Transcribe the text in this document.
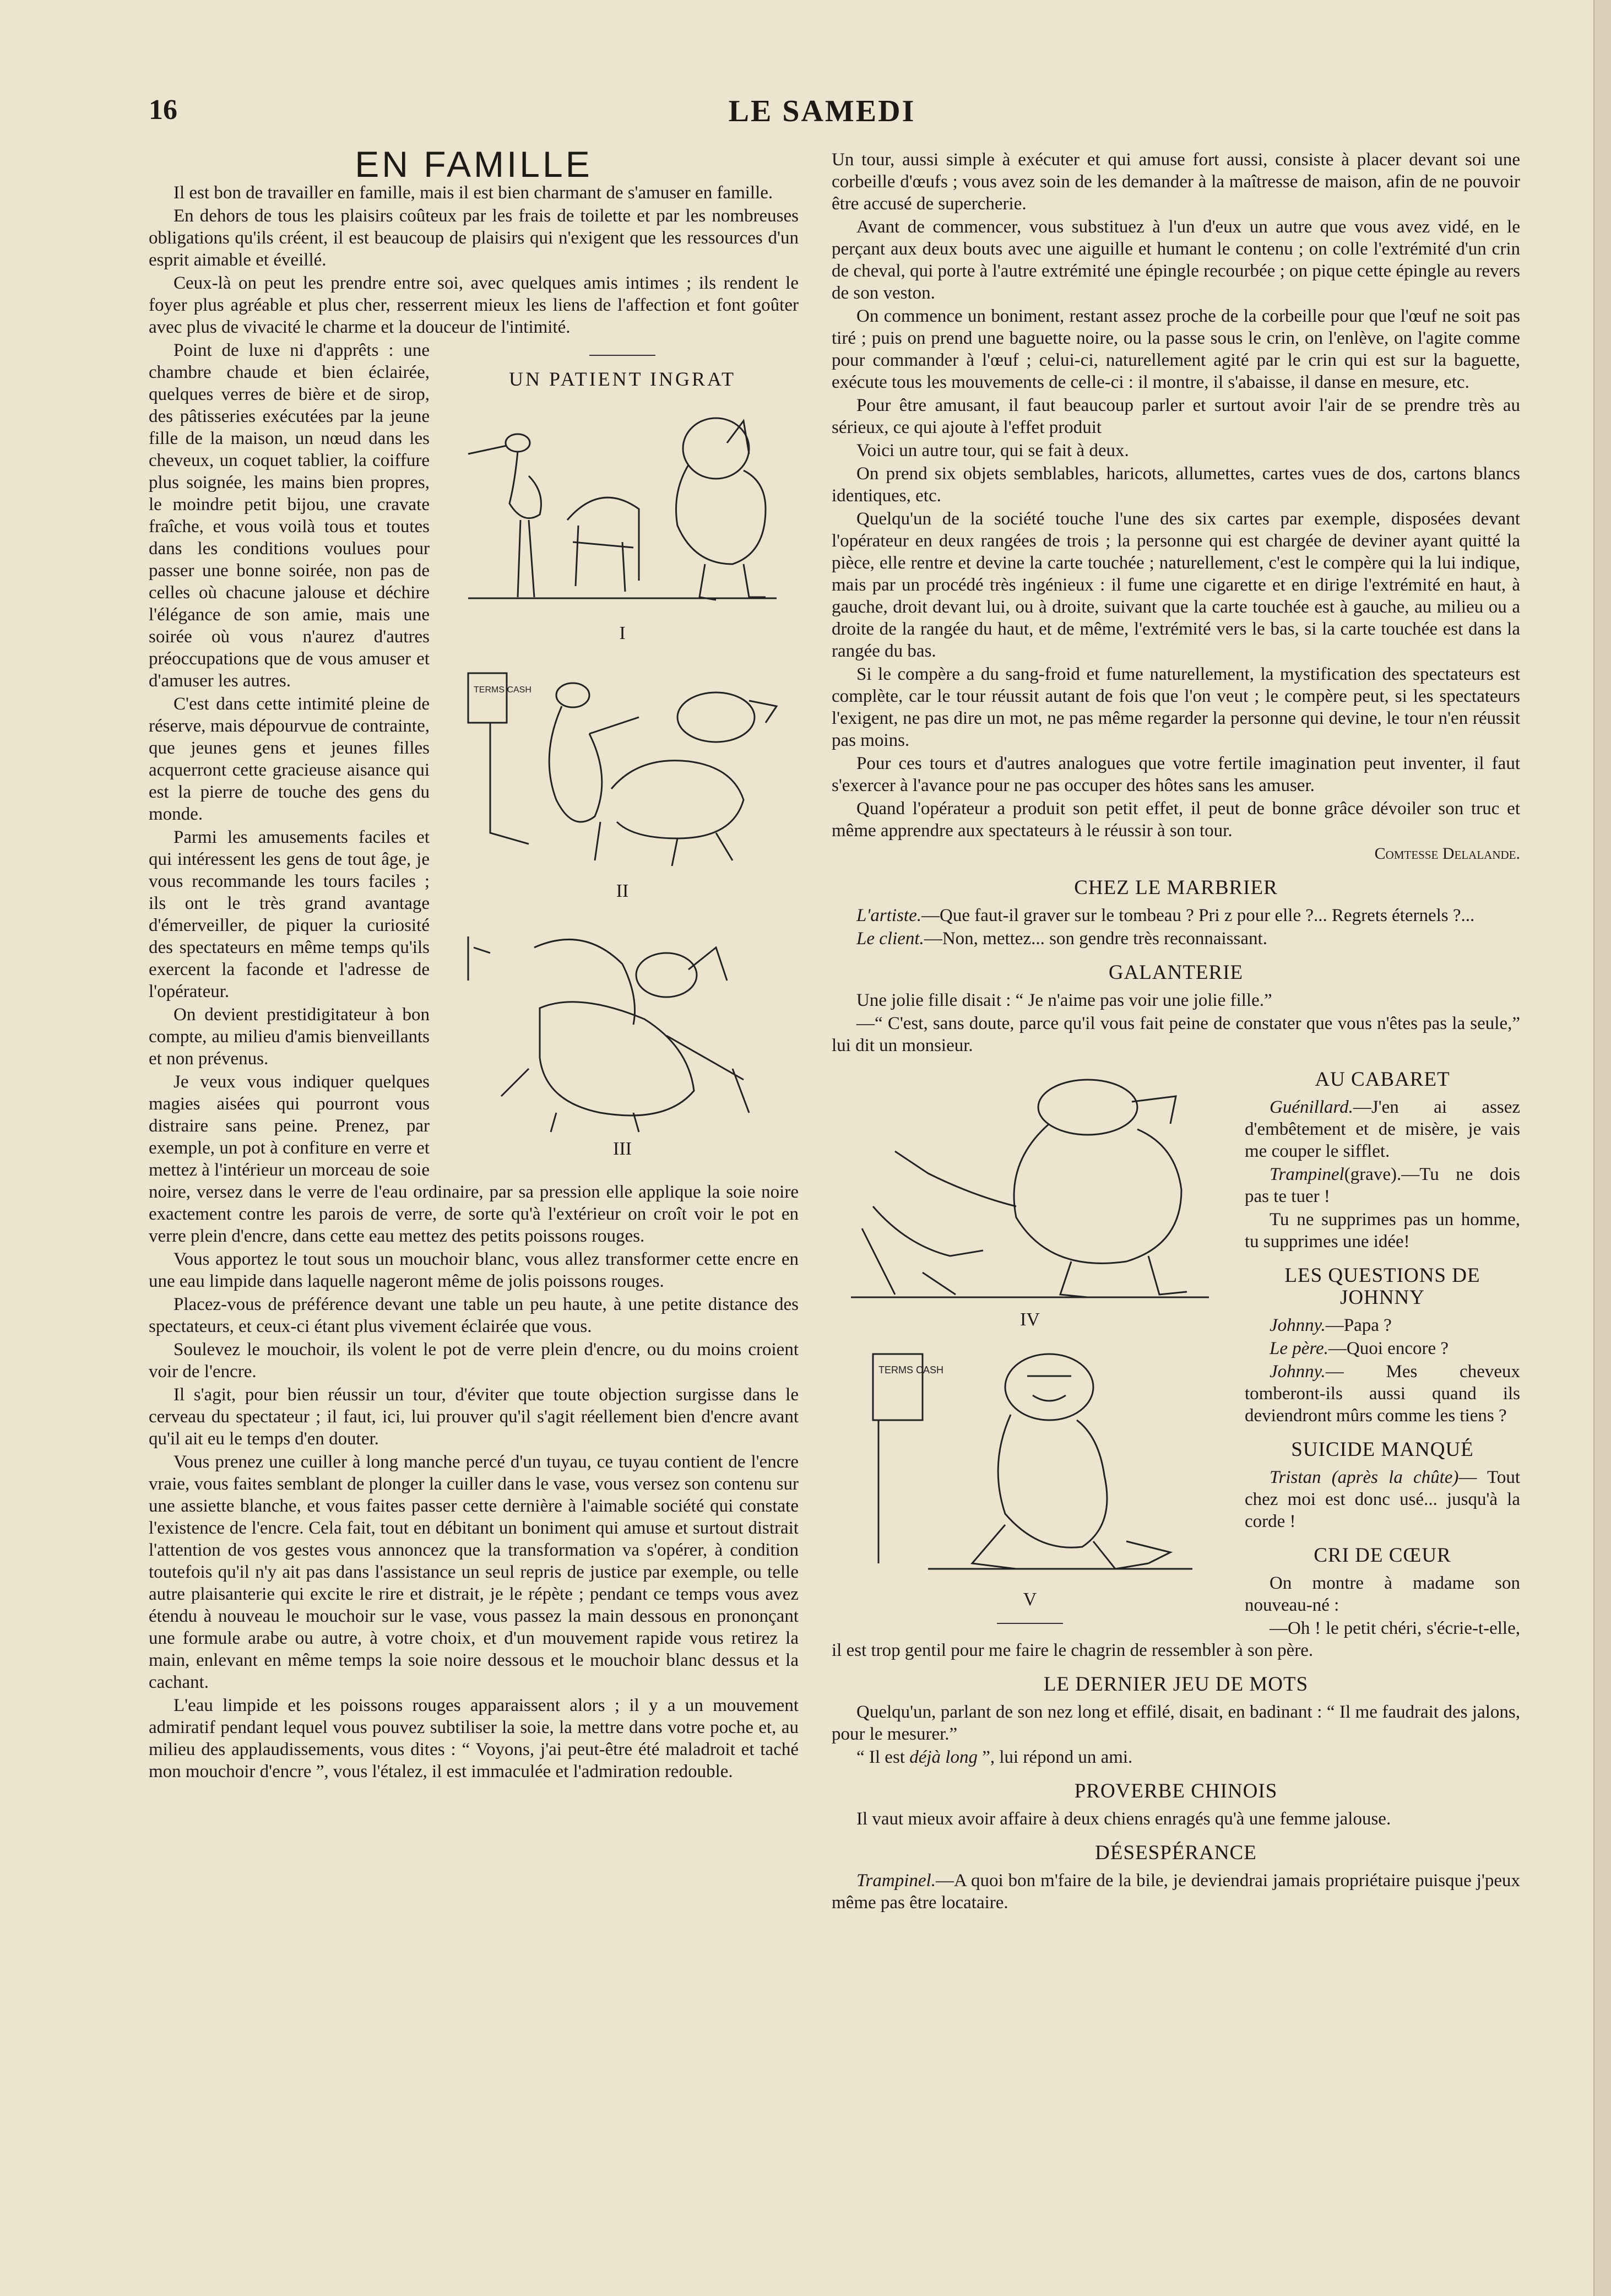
16	LE SAMEDI
EN FAMILLE

Il est bon de travailler en famille, mais il est bien charmant de s'amuser en famille.

En dehors de tous les plaisirs coûteux par les frais de toilette et par les nombreuses obligations qu'ils créent, il est beaucoup de plaisirs qui n'exigent que les ressources d'un esprit aimable et éveillé.

Ceux-là on peut les prendre entre soi, avec quelques amis intimes ; ils rendent le foyer plus agréable et plus cher, resserrent mieux les liens de l'affection et font goûter avec plus de vivacité le charme et la douceur de l'intimité.

UN PATIENT INGRAT
I
TERMS CASH
II
III

Point de luxe ni d'apprêts : une chambre chaude et bien éclairée, quelques verres de bière et de sirop, des pâtisseries exécutées par la jeune fille de la maison, un nœud dans les cheveux, un coquet tablier, la coiffure plus soignée, les mains bien propres, le moindre petit bijou, une cravate fraîche, et vous voilà tous et toutes dans les conditions voulues pour passer une bonne soirée, non pas de celles où chacune jalouse et déchire l'élégance de son amie, mais une soirée où vous n'aurez d'autres préoccupations que de vous amuser et d'amuser les autres.

C'est dans cette intimité pleine de réserve, mais dépourvue de contrainte, que jeunes gens et jeunes filles acquerront cette gracieuse aisance qui est la pierre de touche des gens du monde.

Parmi les amusements faciles et qui intéressent les gens de tout âge, je vous recommande les tours faciles ; ils ont le très grand avantage d'émerveiller, de piquer la curiosité des spectateurs en même temps qu'ils exercent la faconde et l'adresse de l'opérateur.

On devient prestidigitateur à bon compte, au milieu d'amis bienveillants et non prévenus.

Je veux vous indiquer quelques magies aisées qui pourront vous distraire sans peine. Prenez, par exemple, un pot à confiture en verre et mettez à l'intérieur un morceau de soie noire, versez dans le verre de l'eau ordinaire, par sa pression elle applique la soie noire exactement contre les parois de verre, de sorte qu'à l'extérieur on croît voir le pot en verre plein d'encre, dans cette eau mettez des petits poissons rouges.

Vous apportez le tout sous un mouchoir blanc, vous allez transformer cette encre en une eau limpide dans laquelle nageront même de jolis poissons rouges.

Placez-vous de préférence devant une table un peu haute, à une petite distance des spectateurs, et ceux-ci étant plus vivement éclairée que vous.

Soulevez le mouchoir, ils volent le pot de verre plein d'encre, ou du moins croient voir de l'encre.

Il s'agit, pour bien réussir un tour, d'éviter que toute objection surgisse dans le cerveau du spectateur ; il faut, ici, lui prouver qu'il s'agit réellement bien d'encre avant qu'il ait eu le temps d'en douter.

Vous prenez une cuiller à long manche percé d'un tuyau, ce tuyau contient de l'encre vraie, vous faites semblant de plonger la cuiller dans le vase, vous versez son contenu sur une assiette blanche, et vous faites passer cette dernière à l'aimable société qui constate l'existence de l'encre. Cela fait, tout en débitant un boniment qui amuse et surtout distrait l'attention de vos gestes vous annoncez que la transformation va s'opérer, à condition toutefois qu'il n'y ait pas dans l'assistance un seul repris de justice par exemple, ou telle autre plaisanterie qui excite le rire et distrait, je le répète ; pendant ce temps vous avez étendu à nouveau le mouchoir sur le vase, vous passez la main dessous en prononçant une formule arabe ou autre, à votre choix, et d'un mouvement rapide vous retirez la main, enlevant en même temps la soie noire dessous et le mouchoir blanc dessus et la cachant.

L'eau limpide et les poissons rouges apparaissent alors ; il y a un mouvement admiratif pendant lequel vous pouvez subtiliser la soie, la mettre dans votre poche et, au milieu des applaudissements, vous dites : “ Voyons, j'ai peut-être été maladroit et taché mon mouchoir d'encre ”, vous l'étalez, il est immaculée et l'admiration redouble.

Un tour, aussi simple à exécuter et qui amuse fort aussi, consiste à placer devant soi une corbeille d'œufs ; vous avez soin de les demander à la maîtresse de maison, afin de ne pouvoir être accusé de supercherie.

Avant de commencer, vous substituez à l'un d'eux un autre que vous avez vidé, en le perçant aux deux bouts avec une aiguille et humant le contenu ; on colle l'extrémité d'un crin de cheval, qui porte à l'autre extrémité une épingle recourbée ; on pique cette épingle au revers de son veston.

On commence un boniment, restant assez proche de la corbeille pour que l'œuf ne soit pas tiré ; puis on prend une baguette noire, ou la passe sous le crin, on l'enlève, on l'agite comme pour commander à l'œuf ; celui-ci, naturellement agité par le crin qui est sur la baguette, exécute tous les mouvements de celle-ci : il montre, il s'abaisse, il danse en mesure, etc.

Pour être amusant, il faut beaucoup parler et surtout avoir l'air de se prendre très au sérieux, ce qui ajoute à l'effet produit

Voici un autre tour, qui se fait à deux.

On prend six objets semblables, haricots, allumettes, cartes vues de dos, cartons blancs identiques, etc.

Quelqu'un de la société touche l'une des six cartes par exemple, disposées devant l'opérateur en deux rangées de trois ; la personne qui est chargée de deviner ayant quitté la pièce, elle rentre et devine la carte touchée ; naturellement, c'est le compère qui la lui indique, mais par un procédé très ingénieux : il fume une cigarette et en dirige l'extrémité en haut, à gauche, droit devant lui, ou à droite, suivant que la carte touchée est à gauche, au milieu ou a droite de la rangée du haut, et de même, l'extrémité vers le bas, si la carte touchée est dans la rangée du bas.

Si le compère a du sang-froid et fume naturellement, la mystification des spectateurs est complète, car le tour réussit autant de fois que l'on veut ; le compère peut, si les spectateurs l'exigent, ne pas dire un mot, ne pas même regarder la personne qui devine, le tour n'en réussit pas moins.

Pour ces tours et d'autres analogues que votre fertile imagination peut inventer, il faut s'exercer à l'avance pour ne pas occuper des hôtes sans les amuser.

Quand l'opérateur a produit son petit effet, il peut de bonne grâce dévoiler son truc et même apprendre aux spectateurs à le réussir à son tour.

Comtesse Delalande.
CHEZ LE MARBRIER

L'artiste.—Que faut-il graver sur le tombeau ? Pri z pour elle ?... Regrets éternels ?...

Le client.—Non, mettez... son gendre très reconnaissant.

GALANTERIE

Une jolie fille disait : “ Je n'aime pas voir une jolie fille.”

—“ C'est, sans doute, parce qu'il vous fait peine de constater que vous n'êtes pas la seule,” lui dit un monsieur.

IV
TERMS CASH
V
AU CABARET

Guénillard.—J'en ai assez d'embêtement et de misère, je vais me couper le sifflet.

Trampinel(grave).—Tu ne dois pas te tuer !

Tu ne supprimes pas un homme, tu supprimes une idée!

LES QUESTIONS DE JOHNNY

Johnny.—Papa ?

Le père.—Quoi encore ?

Johnny.— Mes cheveux tomberont-ils aussi quand ils deviendront mûrs comme les tiens ?

SUICIDE MANQUÉ

Tristan (après la chûte)— Tout chez moi est donc usé... jusqu'à la corde !

CRI DE CŒUR

On montre à madame son nouveau-né :

—Oh ! le petit chéri, s'écrie-t-elle, il est trop gentil pour me faire le chagrin de ressembler à son père.

LE DERNIER JEU DE MOTS

Quelqu'un, parlant de son nez long et effilé, disait, en badinant : “ Il me faudrait des jalons, pour le mesurer.”

“ Il est déjà long ”, lui répond un ami.

PROVERBE CHINOIS

Il vaut mieux avoir affaire à deux chiens enragés qu'à une femme jalouse.

DÉSESPÉRANCE

Trampinel.—A quoi bon m'faire de la bile, je deviendrai jamais propriétaire puisque j'peux même pas être locataire.
